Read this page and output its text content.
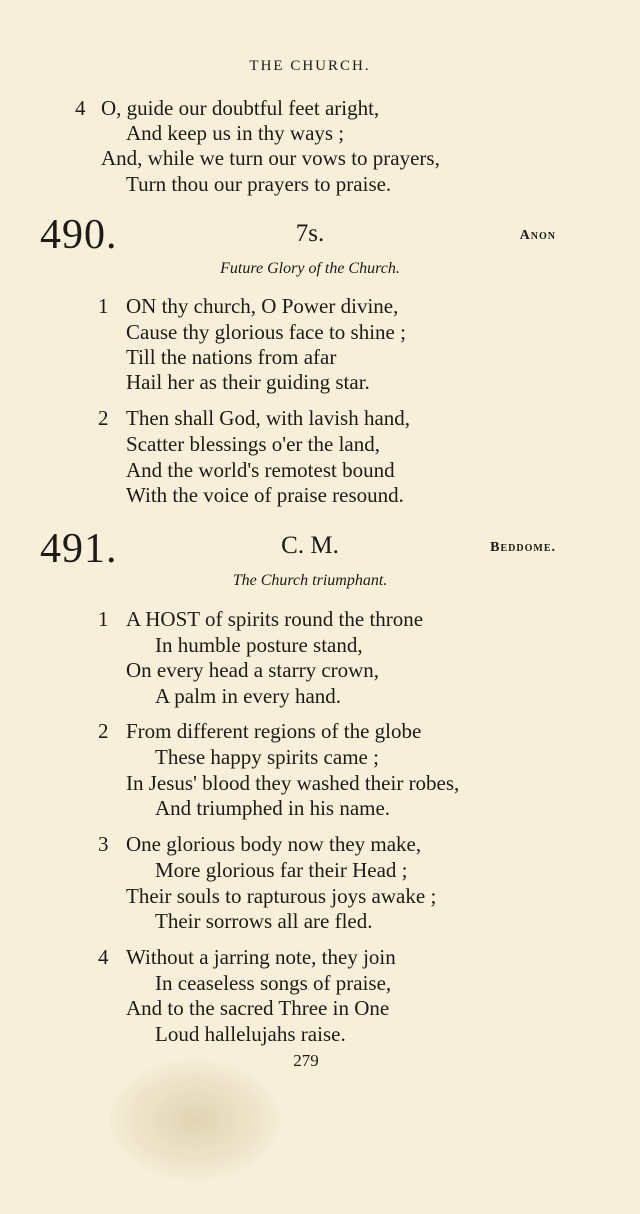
THE CHURCH.
4 O, guide our doubtful feet aright,
And keep us in thy ways ;
And, while we turn our vows to prayers,
Turn thou our prayers to praise.
490.	7s.	Anon
Future Glory of the Church.
1 ON thy church, O Power divine,
Cause thy glorious face to shine ;
Till the nations from afar
Hail her as their guiding star.
2 Then shall God, with lavish hand,
Scatter blessings o'er the land,
And the world's remotest bound
With the voice of praise resound.
491.	C. M.	Beddome.
The Church triumphant.
1 A HOST of spirits round the throne
In humble posture stand,
On every head a starry crown,
A palm in every hand.
2 From different regions of the globe
These happy spirits came ;
In Jesus' blood they washed their robes,
And triumphed in his name.
3 One glorious body now they make,
More glorious far their Head ;
Their souls to rapturous joys awake ;
Their sorrows all are fled.
4 Without a jarring note, they join
In ceaseless songs of praise,
And to the sacred Three in One
Loud hallelujahs raise.
279
